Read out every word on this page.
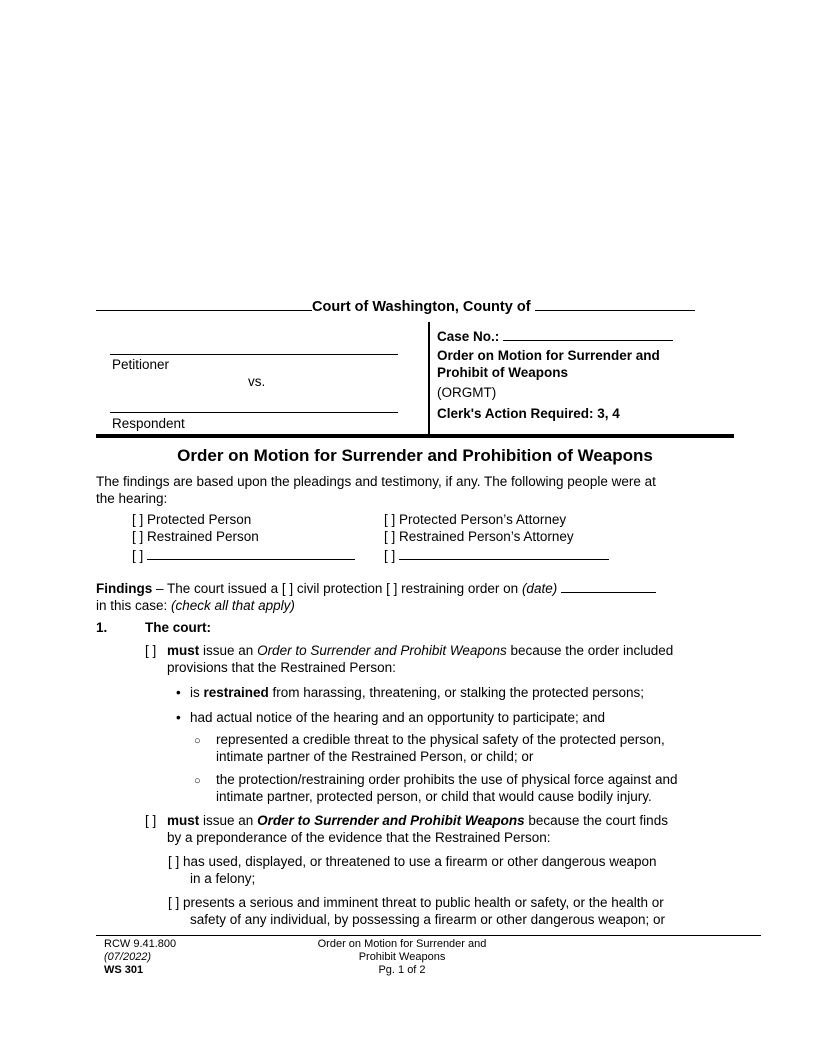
Court of Washington, County of
Petitioner
vs.
Respondent
Case No.:
Order on Motion for Surrender and
Prohibit of Weapons
(ORGMT)
Clerk's Action Required: 3, 4
Order on Motion for Surrender and Prohibition of Weapons
The findings are based upon the pleadings and testimony, if any. The following people were at
the hearing:
[ ] Protected Person
[ ] Restrained Person
[ ]
[ ] Protected Person’s Attorney
[ ] Restrained Person’s Attorney
[ ]
Findings – The court issued a [ ] civil protection [ ] restraining order on (date)
in this case: (check all that apply)
1.	The court:
[ ] must issue an Order to Surrender and Prohibit Weapons because the order included
provisions that the Restrained Person:
• is restrained from harassing, threatening, or stalking the protected persons;
• had actual notice of the hearing and an opportunity to participate; and
○ represented a credible threat to the physical safety of the protected person,
intimate partner of the Restrained Person, or child; or
○ the protection/restraining order prohibits the use of physical force against and
intimate partner, protected person, or child that would cause bodily injury.
[ ] must issue an Order to Surrender and Prohibit Weapons because the court finds
by a preponderance of the evidence that the Restrained Person:
[ ] has used, displayed, or threatened to use a firearm or other dangerous weapon
in a felony;
[ ] presents a serious and imminent threat to public health or safety, or the health or
safety of any individual, by possessing a firearm or other dangerous weapon; or
RCW 9.41.800
(07/2022)
WS 301
Order on Motion for Surrender and
Prohibit Weapons
Pg. 1 of 2
